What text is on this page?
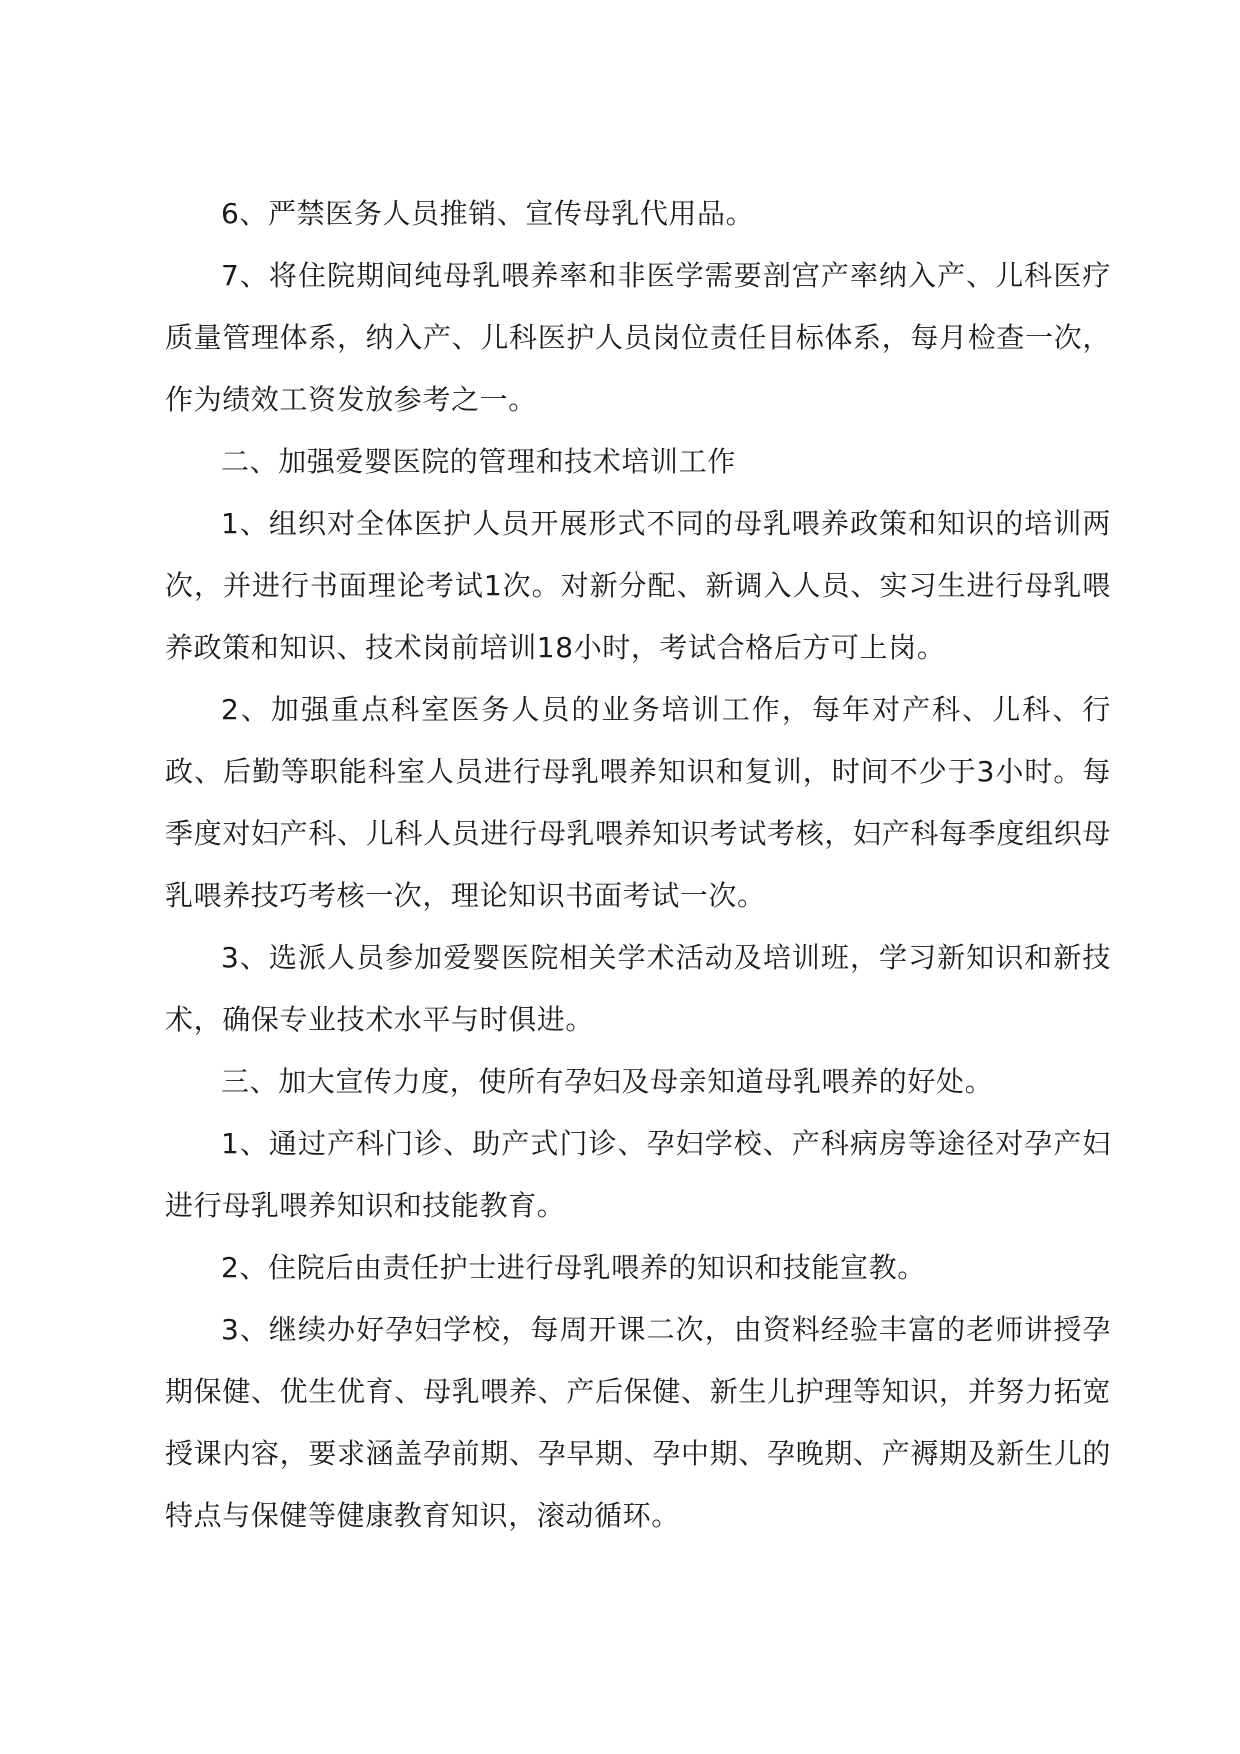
6、严禁医务人员推销、宣传母乳代用品。

7、将住院期间纯母乳喂养率和非医学需要剖宫产率纳入产、儿科医疗质量管理体系，纳入产、儿科医护人员岗位责任目标体系，每月检查一次，作为绩效工资发放参考之一。

二、加强爱婴医院的管理和技术培训工作

1、组织对全体医护人员开展形式不同的母乳喂养政策和知识的培训两次，并进行书面理论考试1次。对新分配、新调入人员、实习生进行母乳喂养政策和知识、技术岗前培训18小时，考试合格后方可上岗。

2、加强重点科室医务人员的业务培训工作，每年对产科、儿科、行政、后勤等职能科室人员进行母乳喂养知识和复训，时间不少于3小时。每季度对妇产科、儿科人员进行母乳喂养知识考试考核，妇产科每季度组织母乳喂养技巧考核一次，理论知识书面考试一次。

3、选派人员参加爱婴医院相关学术活动及培训班，学习新知识和新技术，确保专业技术水平与时俱进。

三、加大宣传力度，使所有孕妇及母亲知道母乳喂养的好处。

1、通过产科门诊、助产式门诊、孕妇学校、产科病房等途径对孕产妇进行母乳喂养知识和技能教育。

2、住院后由责任护士进行母乳喂养的知识和技能宣教。

3、继续办好孕妇学校，每周开课二次，由资料经验丰富的老师讲授孕期保健、优生优育、母乳喂养、产后保健、新生儿护理等知识，并努力拓宽授课内容，要求涵盖孕前期、孕早期、孕中期、孕晚期、产褥期及新生儿的特点与保健等健康教育知识，滚动循环。
